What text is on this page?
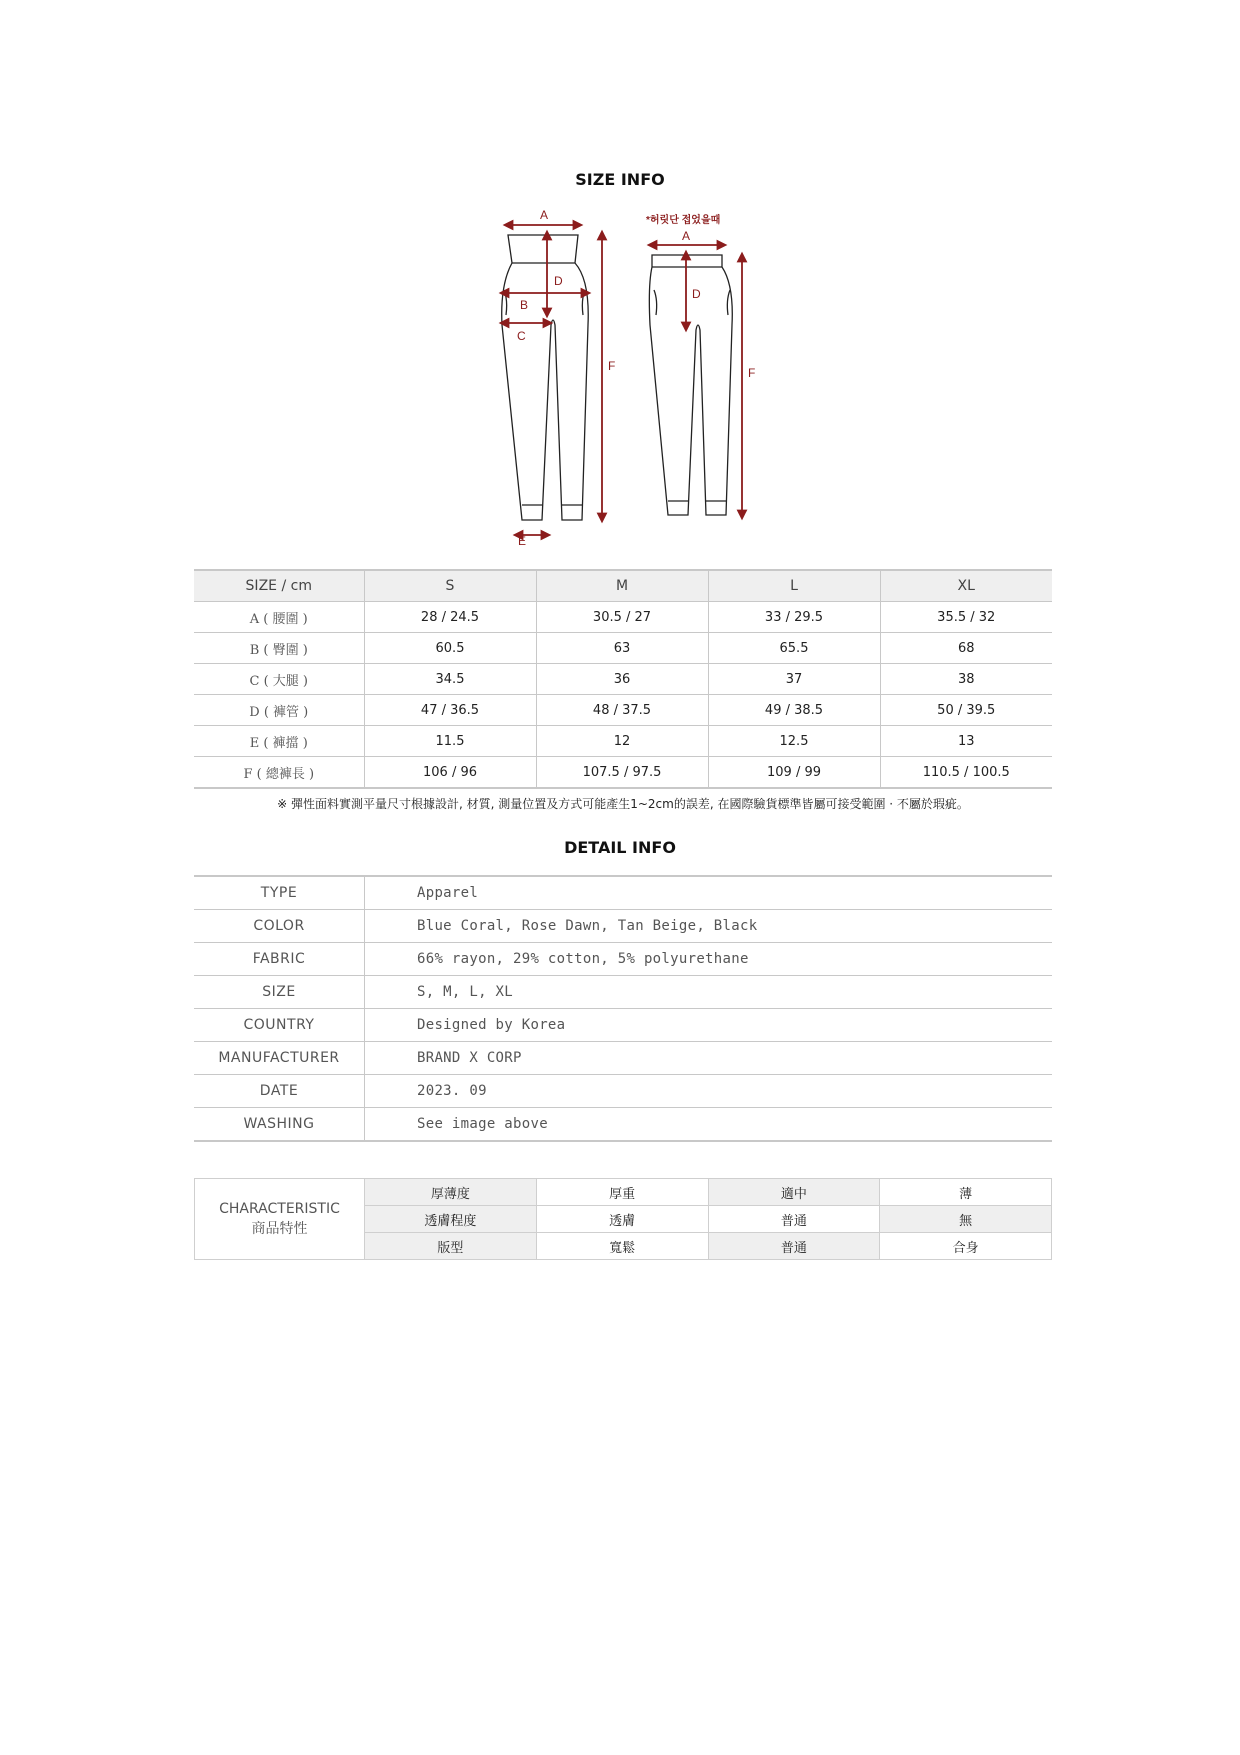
SIZE INFO
A
B
C
D
E
F
*허릿단 접었을때
A
D
F
SIZE / cm	S	M	L	XL
A ( 腰圍 )	28 / 24.5	30.5 / 27	33 / 29.5	35.5 / 32
B ( 臀圍 )	60.5	63	65.5	68
C ( 大腿 )	34.5	36	37	38
D ( 褲管 )	47 / 36.5	48 / 37.5	49 / 38.5	50 / 39.5
E ( 褲擋 )	11.5	12	12.5	13
F ( 總褲長 )	106 / 96	107.5 / 97.5	109 / 99	110.5 / 100.5
※ 彈性面料實測平量尺寸根據設計, 材質, 測量位置及方式可能產生1~2cm的誤差, 在國際驗貨標準皆屬可接受範圍 · 不屬於瑕疵。
DETAIL INFO
TYPE	Apparel
COLOR	Blue Coral, Rose Dawn, Tan Beige, Black
FABRIC	66% rayon, 29% cotton, 5% polyurethane
SIZE	S, M, L, XL
COUNTRY	Designed by Korea
MANUFACTURER	BRAND X CORP
DATE	2023. 09
WASHING	See image above
CHARACTERISTIC
商品特性	厚薄度	厚重	適中	薄
	透膚程度	透膚	普通	無
	版型	寬鬆	普通	合身
